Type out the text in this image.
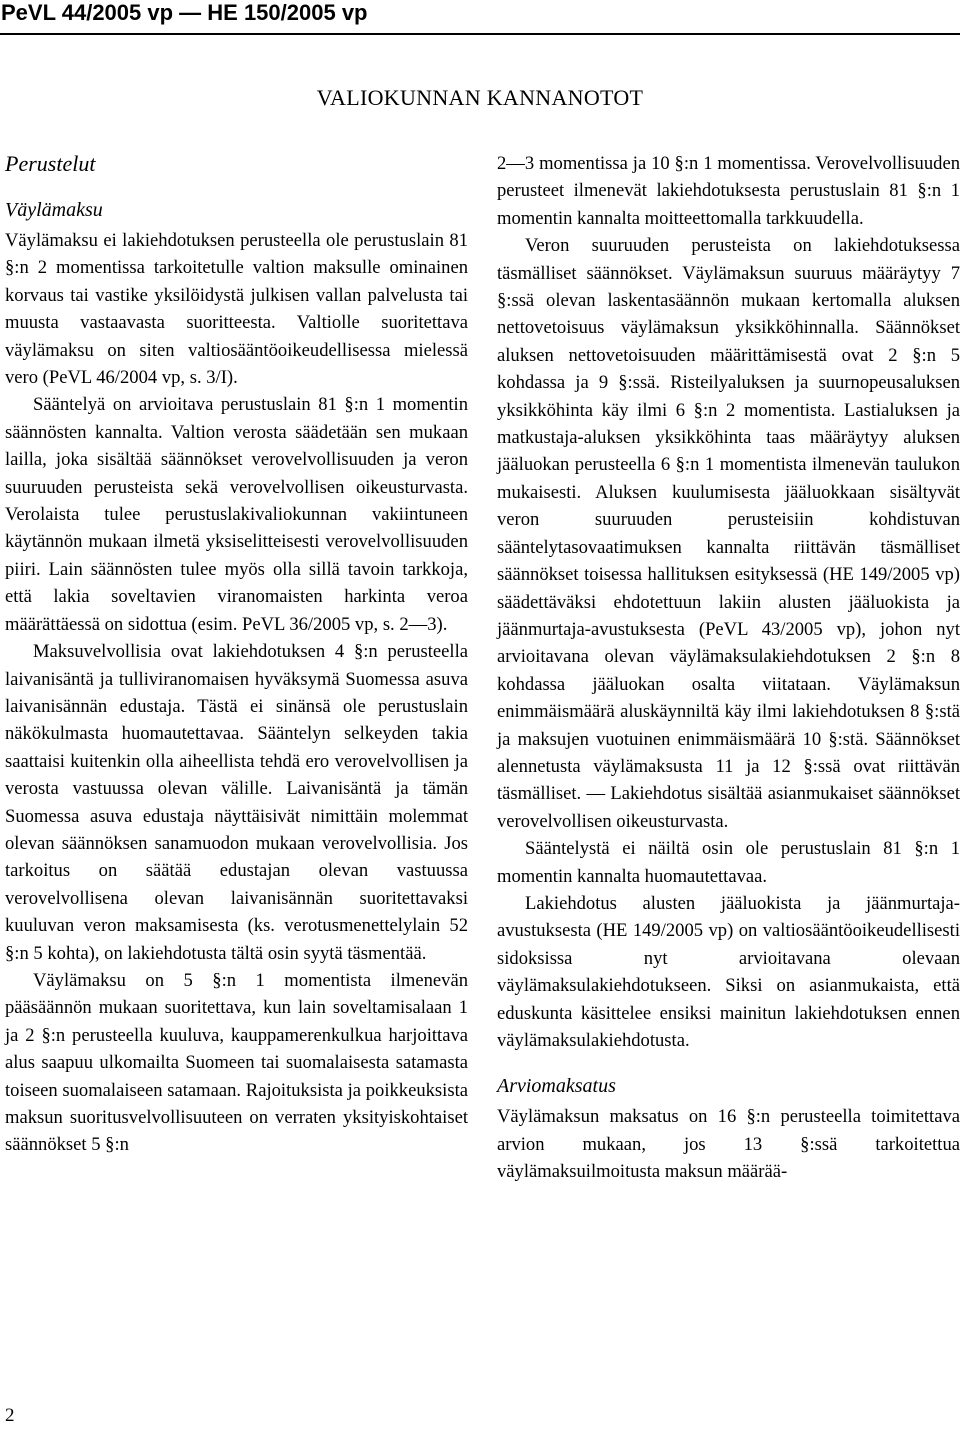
PeVL 44/2005 vp — HE 150/2005 vp
VALIOKUNNAN KANNANOTOT
Perustelut
Väylämaksu

Väylämaksu ei lakiehdotuksen perusteella ole perustuslain 81 §:n 2 momentissa tarkoitetulle valtion maksulle ominainen korvaus tai vastike yksilöidystä julkisen vallan palvelusta tai muusta vastaavasta suoritteesta. Valtiolle suoritettava väylämaksu on siten valtiosääntöoikeudellisessa mielessä vero (PeVL 46/2004 vp, s. 3/I).

Sääntelyä on arvioitava perustuslain 81 §:n 1 momentin säännösten kannalta. Valtion verosta säädetään sen mukaan lailla, joka sisältää säännökset verovelvollisuuden ja veron suuruuden perusteista sekä verovelvollisen oikeusturvasta. Verolaista tulee perustuslakivaliokunnan vakiintuneen käytännön mukaan ilmetä yksiselitteisesti verovelvollisuuden piiri. Lain säännösten tulee myös olla sillä tavoin tarkkoja, että lakia soveltavien viranomaisten harkinta veroa määrättäessä on sidottua (esim. PeVL 36/2005 vp, s. 2—3).

Maksuvelvollisia ovat lakiehdotuksen 4 §:n perusteella laivanisäntä ja tulliviranomaisen hyväksymä Suomessa asuva laivanisännän edustaja. Tästä ei sinänsä ole perustuslain näkökulmasta huomautettavaa. Sääntelyn selkeyden takia saattaisi kuitenkin olla aiheellista tehdä ero verovelvollisen ja verosta vastuussa olevan välille. Laivanisäntä ja tämän Suomessa asuva edustaja näyttäisivät nimittäin molemmat olevan säännöksen sanamuodon mukaan verovelvollisia. Jos tarkoitus on säätää edustajan olevan vastuussa verovelvollisena olevan laivanisännän suoritettavaksi kuuluvan veron maksamisesta (ks. verotusmenettelylain 52 §:n 5 kohta), on lakiehdotusta tältä osin syytä täsmentää.

Väylämaksu on 5 §:n 1 momentista ilmenevän pääsäännön mukaan suoritettava, kun lain soveltamisalaan 1 ja 2 §:n perusteella kuuluva, kauppamerenkulkua harjoittava alus saapuu ulkomailta Suomeen tai suomalaisesta satamasta toiseen suomalaiseen satamaan. Rajoituksista ja poikkeuksista maksun suoritusvelvollisuuteen on verraten yksityiskohtaiset säännökset 5 §:n

2—3 momentissa ja 10 §:n 1 momentissa. Verovelvollisuuden perusteet ilmenevät lakiehdotuksesta perustuslain 81 §:n 1 momentin kannalta moitteettomalla tarkkuudella.

Veron suuruuden perusteista on lakiehdotuksessa täsmälliset säännökset. Väylämaksun suuruus määräytyy 7 §:ssä olevan laskentasäännön mukaan kertomalla aluksen nettovetoisuus väylämaksun yksikköhinnalla. Säännökset aluksen nettovetoisuuden määrittämisestä ovat 2 §:n 5 kohdassa ja 9 §:ssä. Risteilyaluksen ja suurnopeusaluksen yksikköhinta käy ilmi 6 §:n 2 momentista. Lastialuksen ja matkustaja-aluksen yksikköhinta taas määräytyy aluksen jääluokan perusteella 6 §:n 1 momentista ilmenevän taulukon mukaisesti. Aluksen kuulumisesta jääluokkaan sisältyvät veron suuruuden perusteisiin kohdistuvan sääntelytasovaatimuksen kannalta riittävän täsmälliset säännökset toisessa hallituksen esityksessä (HE 149/2005 vp) säädettäväksi ehdotettuun lakiin alusten jääluokista ja jäänmurtaja-avustuksesta (PeVL 43/2005 vp), johon nyt arvioitavana olevan väylämaksulakiehdotuksen 2 §:n 8 kohdassa jääluokan osalta viitataan. Väylämaksun enimmäismäärä aluskäynniltä käy ilmi lakiehdotuksen 8 §:stä ja maksujen vuotuinen enimmäismäärä 10 §:stä. Säännökset alennetusta väylämaksusta 11 ja 12 §:ssä ovat riittävän täsmälliset. — Lakiehdotus sisältää asianmukaiset säännökset verovelvollisen oikeusturvasta.

Sääntelystä ei näiltä osin ole perustuslain 81 §:n 1 momentin kannalta huomautettavaa.

Lakiehdotus alusten jääluokista ja jäänmurtaja-avustuksesta (HE 149/2005 vp) on valtiosääntöoikeudellisesti sidoksissa nyt arvioitavana olevaan väylämaksulakiehdotukseen. Siksi on asianmukaista, että eduskunta käsittelee ensiksi mainitun lakiehdotuksen ennen väylämaksulakiehdotusta.

Arviomaksatus

Väylämaksun maksatus on 16 §:n perusteella toimitettava arvion mukaan, jos 13 §:ssä tarkoitettua väylämaksuilmoitusta maksun määrää-

2
